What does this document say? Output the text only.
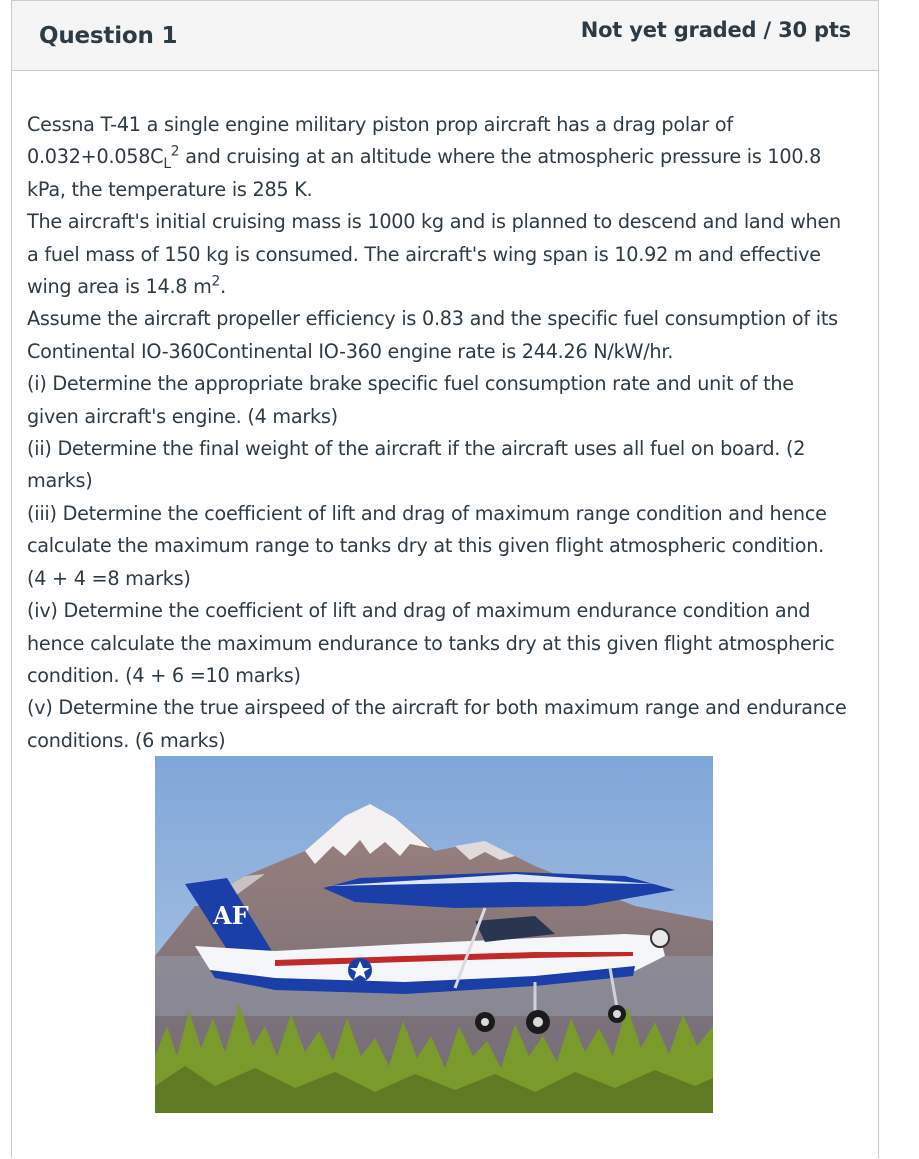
Question 1	Not yet graded / 30 pts

Cessna T-41 a single engine military piston prop aircraft has a drag polar of $0.032+0.058C_L^2$ and cruising at an altitude where the atmospheric pressure is 100.8 kPa, the temperature is 285 K.

The aircraft's initial cruising mass is 1000 kg and is planned to descend and land when a fuel mass of 150 kg is consumed. The aircraft's wing span is 10.92 m and effective wing area is 14.8 $m^2$.

Assume the aircraft propeller efficiency is 0.83 and the specific fuel consumption of its Continental IO-360Continental IO-360 engine rate is 244.26 N/kW/hr.

(i) Determine the appropriate brake specific fuel consumption rate and unit of the given aircraft's engine. (4 marks)

(ii) Determine the final weight of the aircraft if the aircraft uses all fuel on board. (2 marks)

(iii) Determine the coefficient of lift and drag of maximum range condition and hence calculate the maximum range to tanks dry at this given flight atmospheric condition. (4 + 4 =8 marks)

(iv) Determine the coefficient of lift and drag of maximum endurance condition and hence calculate the maximum endurance to tanks dry at this given flight atmospheric condition. (4 + 6 =10 marks)

(v) Determine the true airspeed of the aircraft for both maximum range and endurance conditions. (6 marks)

AF
